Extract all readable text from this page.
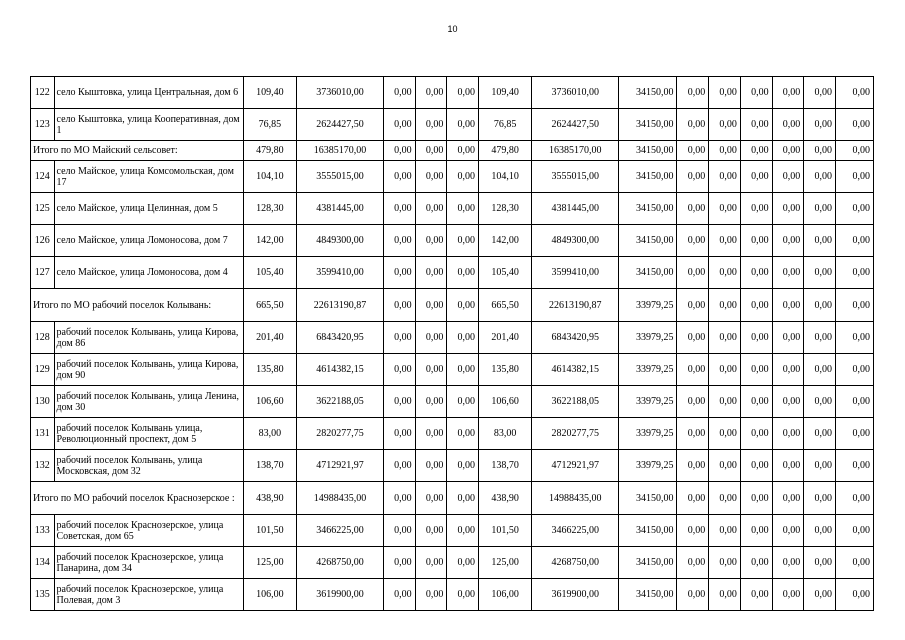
10
122	село Кыштовка, улица Центральная, дом 6	109,40	3736010,00	0,00	0,00	0,00	109,40	3736010,00	34150,00	0,00	0,00	0,00	0,00	0,00	0,00
123	село Кыштовка, улица Кооперативная, дом 1	76,85	2624427,50	0,00	0,00	0,00	76,85	2624427,50	34150,00	0,00	0,00	0,00	0,00	0,00	0,00
Итого по МО Майский сельсовет:		479,80	16385170,00	0,00	0,00	0,00	479,80	16385170,00	34150,00	0,00	0,00	0,00	0,00	0,00	0,00
124	село Майское, улица Комсомольская, дом 17	104,10	3555015,00	0,00	0,00	0,00	104,10	3555015,00	34150,00	0,00	0,00	0,00	0,00	0,00	0,00
125	село Майское, улица Целинная, дом 5	128,30	4381445,00	0,00	0,00	0,00	128,30	4381445,00	34150,00	0,00	0,00	0,00	0,00	0,00	0,00
126	село Майское, улица Ломоносова, дом 7	142,00	4849300,00	0,00	0,00	0,00	142,00	4849300,00	34150,00	0,00	0,00	0,00	0,00	0,00	0,00
127	село Майское, улица Ломоносова, дом 4	105,40	3599410,00	0,00	0,00	0,00	105,40	3599410,00	34150,00	0,00	0,00	0,00	0,00	0,00	0,00
Итого по МО рабочий поселок Колывань:		665,50	22613190,87	0,00	0,00	0,00	665,50	22613190,87	33979,25	0,00	0,00	0,00	0,00	0,00	0,00
128	рабочий поселок Колывань, улица Кирова, дом 86	201,40	6843420,95	0,00	0,00	0,00	201,40	6843420,95	33979,25	0,00	0,00	0,00	0,00	0,00	0,00
129	рабочий поселок Колывань, улица Кирова, дом 90	135,80	4614382,15	0,00	0,00	0,00	135,80	4614382,15	33979,25	0,00	0,00	0,00	0,00	0,00	0,00
130	рабочий поселок Колывань, улица Ленина, дом 30	106,60	3622188,05	0,00	0,00	0,00	106,60	3622188,05	33979,25	0,00	0,00	0,00	0,00	0,00	0,00
131	рабочий поселок Колывань улица, Революционный проспект, дом 5	83,00	2820277,75	0,00	0,00	0,00	83,00	2820277,75	33979,25	0,00	0,00	0,00	0,00	0,00	0,00
132	рабочий поселок Колывань, улица Московская, дом 32	138,70	4712921,97	0,00	0,00	0,00	138,70	4712921,97	33979,25	0,00	0,00	0,00	0,00	0,00	0,00
Итого по МО рабочий поселок Краснозерское :		438,90	14988435,00	0,00	0,00	0,00	438,90	14988435,00	34150,00	0,00	0,00	0,00	0,00	0,00	0,00
133	рабочий поселок Краснозерское, улица Советская, дом 65	101,50	3466225,00	0,00	0,00	0,00	101,50	3466225,00	34150,00	0,00	0,00	0,00	0,00	0,00	0,00
134	рабочий поселок Краснозерское, улица Панарина, дом 34	125,00	4268750,00	0,00	0,00	0,00	125,00	4268750,00	34150,00	0,00	0,00	0,00	0,00	0,00	0,00
135	рабочий поселок Краснозерское, улица Полевая, дом 3	106,00	3619900,00	0,00	0,00	0,00	106,00	3619900,00	34150,00	0,00	0,00	0,00	0,00	0,00	0,00
